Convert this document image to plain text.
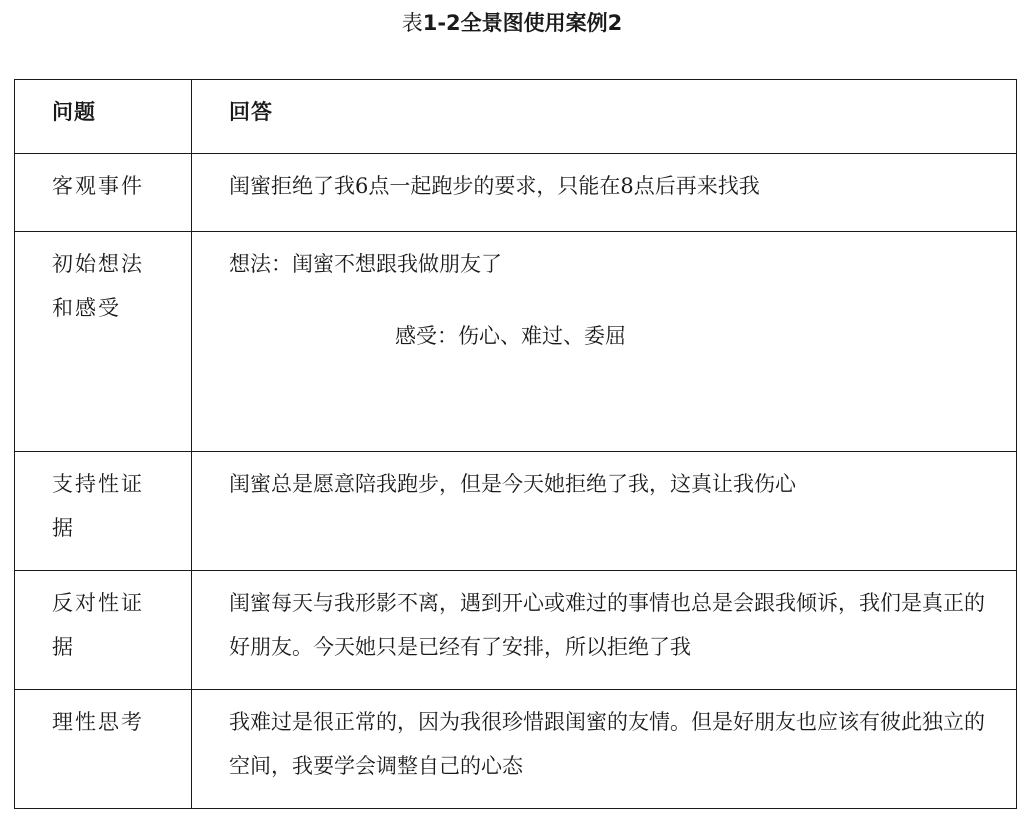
表1-2全景图使用案例2
问题	回答

客观事件	闺蜜拒绝了我6点一起跑步的要求，只能在8点后再来找我

初始想法和感受	想法：闺蜜不想跟我做朋友了
感受：伤心、难过、委屈

支持性证据	闺蜜总是愿意陪我跑步，但是今天她拒绝了我，这真让我伤心

反对性证据	闺蜜每天与我形影不离，遇到开心或难过的事情也总是会跟我倾诉，我们是真正的好朋友。今天她只是已经有了安排，所以拒绝了我

理性思考	我难过是很正常的，因为我很珍惜跟闺蜜的友情。但是好朋友也应该有彼此独立的空间，我要学会调整自己的心态
